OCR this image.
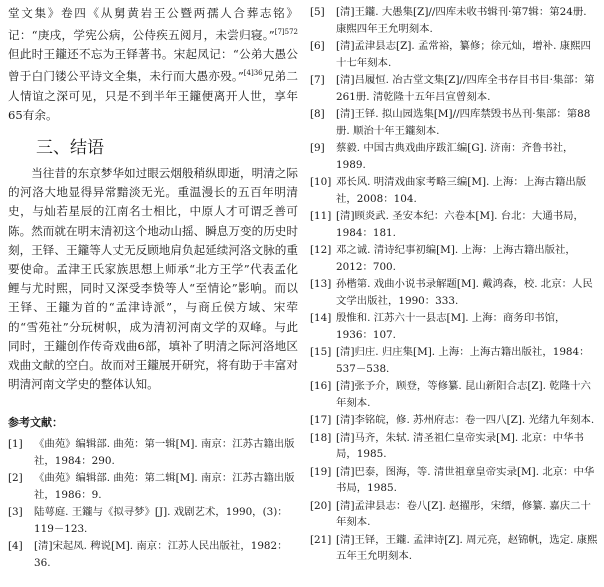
堂文集》卷四《从舅黄岩王公暨两孺人合葬志铭》记：“庚戌，学宪公病，公侍疾五阅月，未尝归寝。”$^{[7]572}$但此时王鑨还不忘为王铎著书。宋起凤记：“公弟大愚公曾于白门镂公平诗文全集，未行而大愚亦殁。”$^{[4]36}$兄弟二人情谊之深可见，只是不到半年王鑨便离开人世，享年65有余。

三、结语

当往昔的东京梦华如过眼云烟般稍纵即逝，明清之际的河洛大地显得异常黯淡无光。重温漫长的五百年明清史，与灿若星辰的江南名士相比，中原人才可谓乏善可陈。然而就在明末清初这个地动山摇、瞬息万变的历史时刻，王铎、王鑨等人丈无反顾地肩负起延续河洛文脉的重要使命。孟津王氏家族思想上师承“北方王学”代表孟化鲤与尤时熙，同时又深受李贽等人“至情论”影响。而以王铎、王鑨为首的“孟津诗派”，与商丘侯方域、宋荦的“雪苑社”分玩树帜，成为清初河南文学的双峰。与此同时，王鑨创作传奇戏曲6部，填补了明清之际河洛地区戏曲文献的空白。故而对王鑨展开研究，将有助于丰富对明清河南文学史的整体认知。

参考文献：
[1]	《曲苑》编辑部. 曲苑：第一辑[M]. 南京：江苏古籍出版社，1984：290.
[2]	《曲苑》编辑部. 曲苑：第二辑[M]. 南京：江苏古籍出版社，1986：9.
[3]	陆萼庭. 王鑨与《拟寻梦》[J]. 戏剧艺术，1990，(3)：119－123.
[4]	[清]宋起凤. 稗说[M]. 南京：江苏人民出版社，1982：36.
[5]	[清]王鑨. 大愚集[Z]//四库未收书辑刊·第7辑：第24册. 康熙四年王允明刻本.
[6]	[清]孟津县志[Z]. 孟常裕，纂修；徐元灿，增补. 康熙四十七年刻本.
[7]	[清]吕履恒. 冶古堂文集[Z]//四库全书存目书目·集部：第261册. 清乾隆十五年吕宣曾刻本.
[8]	[清]王铎. 拟山园选集[M]//四库禁毁书丛刊·集部：第88册. 顺治十年王鑨刻本.
[9]	蔡毅. 中国古典戏曲序跋汇编[G]. 济南：齐鲁书社，1989.
[10] 邓长风. 明清戏曲家考略三编[M]. 上海：上海古籍出版社，2008：104.
[11] [清]顾炎武. 圣安本纪：六卷本[M]. 台北：大通书局，1984：181.
[12] 邓之诚. 清诗纪事初编[M]. 上海：上海古籍出版社，2012：700.
[13] 孙楷第. 戏曲小说书录解题[M]. 戴鸿森，校. 北京：人民文学出版社，1990：333.
[14] 殷惟和. 江苏六十一县志[M]. 上海：商务印书馆，1936：107.
[15] [清]归庄. 归庄集[M]. 上海：上海古籍出版社，1984：537－538.
[16] [清]张予介，顾登，等修纂. 昆山新阳合志[Z]. 乾隆十六年刻本.
[17] [清]李铭皖，修. 苏州府志：卷一四八[Z]. 光绪九年刻本.
[18] [清]马齐，朱轼. 清圣祖仁皇帝实录[M]. 北京：中华书局，1985.
[19] [清]巴泰，图海，等. 清世祖章皇帝实录[M]. 北京：中华书局，1985.
[20] [清]孟津县志：卷八[Z]. 赵擢彤，宋缙，修纂. 嘉庆二十年刻本.
[21] [清]王铎，王鑨. 孟津诗[Z]. 周元亮，赵锦帆，选定. 康熙五年王允明刻本.
